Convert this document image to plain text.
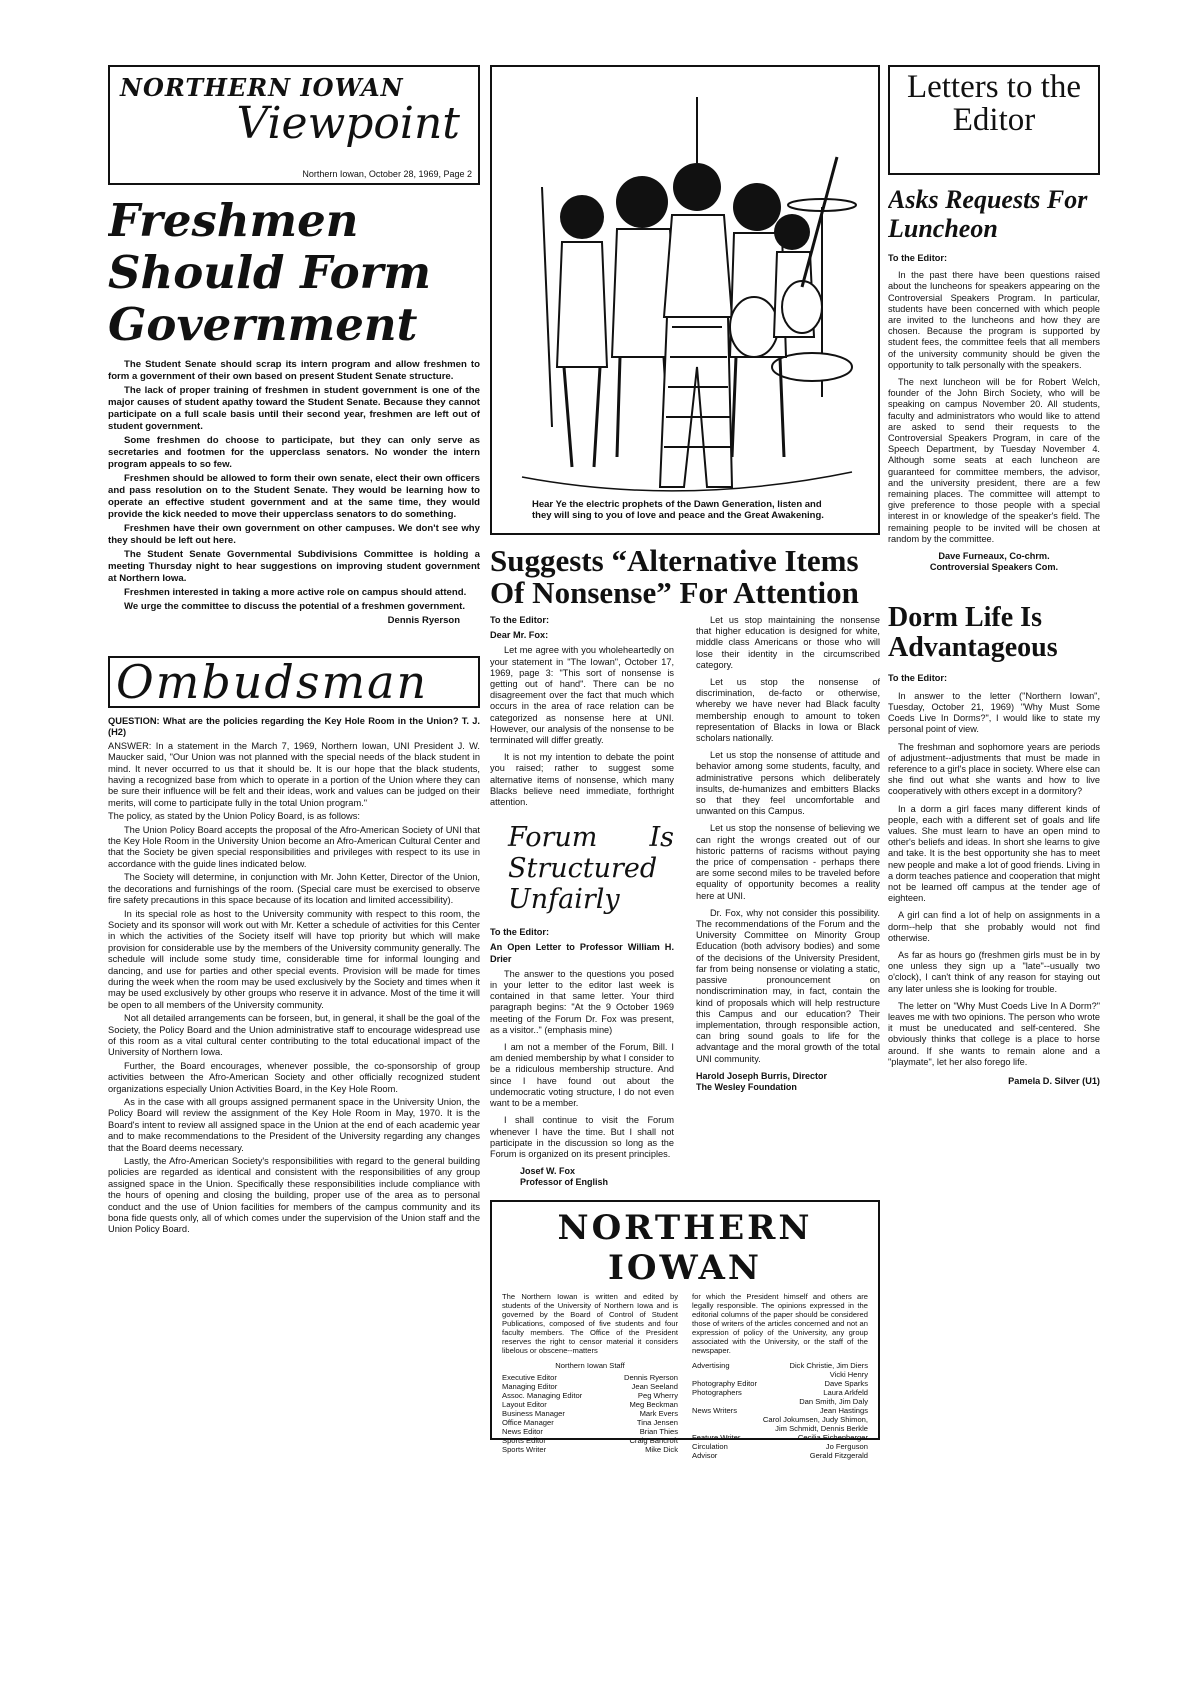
NORTHERN IOWAN
Viewpoint
Northern Iowan, October 28, 1969, Page 2
Freshmen Should Form Government

The Student Senate should scrap its intern program and allow freshmen to form a government of their own based on present Student Senate structure.

The lack of proper training of freshmen in student government is one of the major causes of student apathy toward the Student Senate. Because they cannot participate on a full scale basis until their second year, freshmen are left out of student government.

Some freshmen do choose to participate, but they can only serve as secretaries and footmen for the upperclass senators. No wonder the intern program appeals to so few.

Freshmen should be allowed to form their own senate, elect their own officers and pass resolution on to the Student Senate. They would be learning how to operate an effective student government and at the same time, they would provide the kick needed to move their upperclass senators to do something.

Freshmen have their own government on other campuses. We don't see why they should be left out here.

The Student Senate Governmental Subdivisions Committee is holding a meeting Thursday night to hear suggestions on improving student government at Northern Iowa.

Freshmen interested in taking a more active role on campus should attend.

We urge the committee to discuss the potential of a freshmen government.

Dennis Ryerson
Ombudsman

QUESTION: What are the policies regarding the Key Hole Room in the Union? T. J. (H2)

ANSWER: In a statement in the March 7, 1969, Northern Iowan, UNI President J. W. Maucker said, "Our Union was not planned with the special needs of the black student in mind. It never occurred to us that it should be. It is our hope that the black students, having a recognized base from which to operate in a portion of the Union where they can be sure their influence will be felt and their ideas, work and values can be judged on their merits, will come to participate fully in the total Union program."

The policy, as stated by the Union Policy Board, is as follows:

The Union Policy Board accepts the proposal of the Afro-American Society of UNI that the Key Hole Room in the University Union become an Afro-American Cultural Center and that the Society be given special responsibilities and privileges with respect to its use in accordance with the guide lines indicated below.

The Society will determine, in conjunction with Mr. John Ketter, Director of the Union, the decorations and furnishings of the room. (Special care must be exercised to observe fire safety precautions in this space because of its location and limited accessibility).

In its special role as host to the University community with respect to this room, the Society and its sponsor will work out with Mr. Ketter a schedule of activities for this Center in which the activities of the Society itself will have top priority but which will make provision for considerable use by the members of the University community generally. The schedule will include some study time, considerable time for informal lounging and dancing, and use for parties and other special events. Provision will be made for times during the week when the room may be used exclusively by the Society and times when it may be used exclusively by other groups who reserve it in advance. Most of the time it will be open to all members of the University community.

Not all detailed arrangements can be forseen, but, in general, it shall be the goal of the Society, the Policy Board and the Union administrative staff to encourage widespread use of this room as a vital cultural center contributing to the total educational impact of the University of Northern Iowa.

Further, the Board encourages, whenever possible, the co-sponsorship of group activities between the Afro-American Society and other officially recognized student organizations especially Union Activities Board, in the Key Hole Room.

As in the case with all groups assigned permanent space in the University Union, the Policy Board will review the assignment of the Key Hole Room in May, 1970. It is the Board's intent to review all assigned space in the Union at the end of each academic year and to make recommendations to the President of the University regarding any changes that the Board deems necessary.

Lastly, the Afro-American Society's responsibilities with regard to the general building policies are regarded as identical and consistent with the responsibilities of any group assigned space in the Union. Specifically these responsibilities include compliance with the hours of opening and closing the building, proper use of the area as to personal conduct and the use of Union facilities for members of the campus community and its bona fide quests only, all of which comes under the supervision of the Union staff and the Union Policy Board.

Hear Ye the electric prophets of the Dawn Generation, listen and they will sing to you of love and peace and the Great Awakening.
Suggests “Alternative Items Of Nonsense” For Attention

To the Editor:

Dear Mr. Fox:

Let me agree with you wholeheartedly on your statement in "The Iowan", October 17, 1969, page 3: "This sort of nonsense is getting out of hand". There can be no disagreement over the fact that much which occurs in the area of race relation can be categorized as nonsense here at UNI. However, our analysis of the nonsense to be terminated will differ greatly.

It is not my intention to debate the point you raised; rather to suggest some alternative items of nonsense, which many Blacks believe need immediate, forthright attention.

Forum Is Structured Unfairly

To the Editor:

An Open Letter to Professor William H. Drier

The answer to the questions you posed in your letter to the editor last week is contained in that same letter. Your third paragraph begins: "At the 9 October 1969 meeting of the Forum Dr. Fox was present, as a visitor.." (emphasis mine)

I am not a member of the Forum, Bill. I am denied membership by what I consider to be a ridiculous membership structure. And since I have found out about the undemocratic voting structure, I do not even want to be a member.

I shall continue to visit the Forum whenever I have the time. But I shall not participate in the discussion so long as the Forum is organized on its present principles.

Josef W. Fox
Professor of English

Let us stop maintaining the nonsense that higher education is designed for white, middle class Americans or those who will lose their identity in the circumscribed category.

Let us stop the nonsense of discrimination, de-facto or otherwise, whereby we have never had Black faculty membership enough to amount to token representation of Blacks in Iowa or Black scholars nationally.

Let us stop the nonsense of attitude and behavior among some students, faculty, and administrative persons which deliberately insults, de-humanizes and embitters Blacks so that they feel uncomfortable and unwanted on this Campus.

Let us stop the nonsense of believing we can right the wrongs created out of our historic patterns of racisms without paying the price of compensation - perhaps there are some second miles to be traveled before equality of opportunity becomes a reality here at UNI.

Dr. Fox, why not consider this possibility. The recommendations of the Forum and the University Committee on Minority Group Education (both advisory bodies) and some of the decisions of the University President, far from being nonsense or violating a static, passive pronouncement on nondiscrimination may, in fact, contain the kind of proposals which will help restructure this Campus and our education? Their implementation, through responsible action, can bring sound goals to life for the advantage and the moral growth of the total UNI community.

Harold Joseph Burris, Director
The Wesley Foundation
NORTHERN IOWAN
The Northern Iowan is written and edited by students of the University of Northern Iowa and is governed by the Board of Control of Student Publications, composed of five students and four faculty members. The Office of the President reserves the right to censor material it considers libelous or obscene--matters
for which the President himself and others are legally responsible. The opinions expressed in the editorial columns of the paper should be considered those of writers of the articles concerned and not an expression of policy of the University, any group associated with the University, or the staff of the newspaper.
Northern Iowan Staff
Executive Editor	Dennis Ryerson
Managing Editor	Jean Seeland
Assoc. Managing Editor	Peg Wherry
Layout Editor	Meg Beckman
Business Manager	Mark Evers
Office Manager	Tina Jensen
News Editor	Brian Thies
Sports Editor	Craig Bancroft
Sports Writer	Mike Dick
Advertising	Dick Christie, Jim Diers
Vicki Henry
Photography Editor	Dave Sparks
Photographers	Laura Arkfeld
Dan Smith, Jim Daly
News Writers	Jean Hastings
Carol Jokumsen, Judy Shimon,
Jim Schmidt, Dennis Berkle
Feature Writer	Cecilia Eichenberger
Circulation	Jo Ferguson
Advisor	Gerald Fitzgerald
Letters to the Editor
Asks Requests For Luncheon

To the Editor:

In the past there have been questions raised about the luncheons for speakers appearing on the Controversial Speakers Program. In particular, students have been concerned with which people are invited to the luncheons and how they are chosen. Because the program is supported by student fees, the committee feels that all members of the university community should be given the opportunity to talk personally with the speakers.

The next luncheon will be for Robert Welch, founder of the John Birch Society, who will be speaking on campus November 20. All students, faculty and administrators who would like to attend are asked to send their requests to the Controversial Speakers Program, in care of the Speech Department, by Tuesday November 4. Although some seats at each luncheon are guaranteed for committee members, the advisor, and the university president, there are a few remaining places. The committee will attempt to give preference to those people with a special interest in or knowledge of the speaker's field. The remaining people to be invited will be chosen at random by the committee.

Dave Furneaux, Co-chrm.

Controversial Speakers Com.

Dorm Life Is Advantageous

To the Editor:

In answer to the letter ("Northern Iowan", Tuesday, October 21, 1969) "Why Must Some Coeds Live In Dorms?", I would like to state my personal point of view.

The freshman and sophomore years are periods of adjustment--adjustments that must be made in reference to a girl's place in society. Where else can she find out what she wants and how to live cooperatively with others except in a dormitory?

In a dorm a girl faces many different kinds of people, each with a different set of goals and life values. She must learn to have an open mind to other's beliefs and ideas. In short she learns to give and take. It is the best opportunity she has to meet new people and make a lot of good friends. Living in a dorm teaches patience and cooperation that might not be learned off campus at the tender age of eighteen.

A girl can find a lot of help on assignments in a dorm--help that she probably would not find otherwise.

As far as hours go (freshmen girls must be in by one unless they sign up a "late"--usually two o'clock), I can't think of any reason for staying out any later unless she is looking for trouble.

The letter on "Why Must Coeds Live In A Dorm?" leaves me with two opinions. The person who wrote it must be uneducated and self-centered. She obviously thinks that college is a place to horse around. If she wants to remain alone and a "playmate", let her also forego life.

Pamela D. Silver (U1)
